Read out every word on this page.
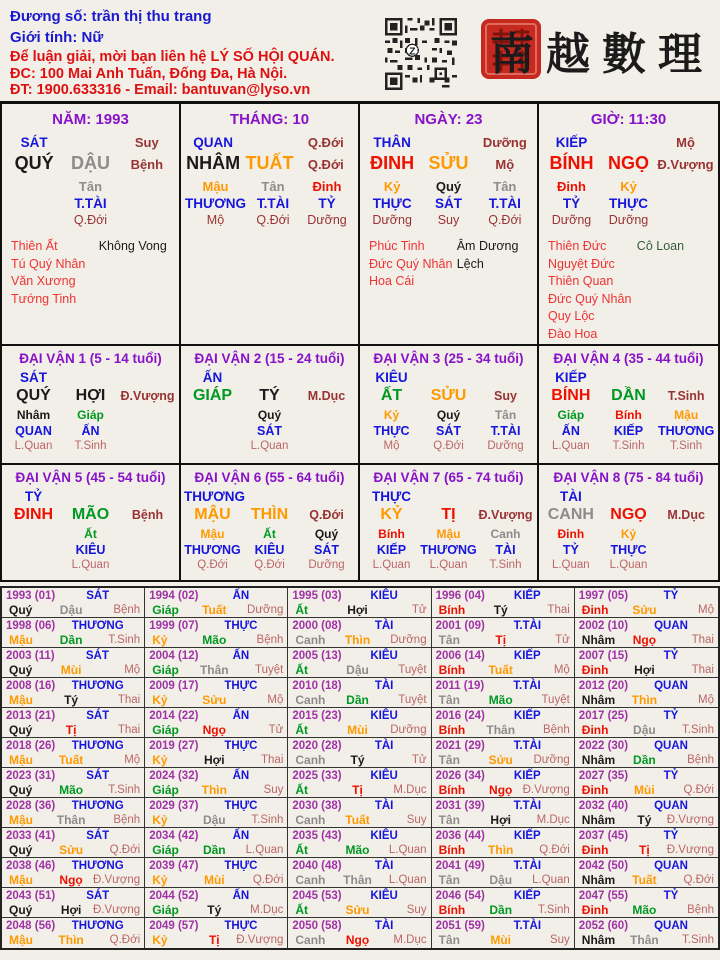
Đương số: trần thị thu trang
Giới tính: Nữ
Để luận giải, mời bạn liên hệ LÝ SỐ HỘI QUÁN.
ĐC: 100 Mai Anh Tuấn, Đống Đa, Hà Nội.
ĐT: 1900.633316 - Email: bantuvan@lyso.vn
Z 南越數理
NĂM: 1993
SÁT	Suy
QUÝ DẬU	Bệnh
Tân
T.TÀI
Q.Đới
Thiên Ất
Tú Quý Nhân
Văn Xương
Tướng Tinh
Không Vong
THÁNG: 10
QUAN	Q.Đới
NHÂM TUẤT	Q.Đới
Mậu
THƯƠNG
Mộ
Tân
T.TÀI
Q.Đới
Đinh
TỶ
Dưỡng
NGÀY: 23
THÂN	Dưỡng
ĐINH SỬU	Mộ
Kỷ
THỰC
Dưỡng
Quý
SÁT
Suy
Tân
T.TÀI
Q.Đới
Phúc Tinh
Đức Quý Nhân
Hoa Cái
Âm Dương Lệch
GIỜ: 11:30
KIẾP	Mộ
BÍNH NGỌ Đ.Vượng
Đinh
TỶ
Dưỡng
Kỷ
THỰC
Dưỡng
Thiên Đức
Nguyệt Đức
Thiên Quan
Đức Quý Nhân
Quy Lộc
Đào Hoa
Cô Loan
ĐẠI VẬN 1 (5 - 14 tuổi)
SÁT
QUÝ	HỢI	Đ.Vượng
Nhâm
QUAN
L.Quan
Giáp
ẤN
T.Sinh
ĐẠI VẬN 2 (15 - 24 tuổi)
ẤN
GIÁP	TÝ	M.Dục
Quý
SÁT
L.Quan
ĐẠI VẬN 3 (25 - 34 tuổi)
KIÊU
ẤT	SỬU	Suy
Kỷ
THỰC
Mộ
Quý
SÁT
Q.Đới
Tân
T.TÀI
Dưỡng
ĐẠI VẬN 4 (35 - 44 tuổi)
KIẾP
BÍNH	DẦN	T.Sinh
Giáp
ẤN
L.Quan
Bính
KIẾP
T.Sinh
Mậu
THƯƠNG
T.Sinh
ĐẠI VẬN 5 (45 - 54 tuổi)
TỶ
ĐINH	MÃO	Bệnh
Ất
KIÊU
L.Quan
ĐẠI VẬN 6 (55 - 64 tuổi)
THƯƠNG
MẬU	THÌN	Q.Đới
Mậu
THƯƠNG
Q.Đới
Ất
KIÊU
Q.Đới
Quý
SÁT
Dưỡng
ĐẠI VẬN 7 (65 - 74 tuổi)
THỰC
KỶ	TỊ	Đ.Vượng
Bính
KIẾP
L.Quan
Mậu
THƯƠNG
L.Quan
Canh
TÀI
T.Sinh
ĐẠI VẬN 8 (75 - 84 tuổi)
TÀI
CANH	NGỌ	M.Dục
Đinh
TỶ
L.Quan
Kỷ
THỰC
L.Quan
1993 (01)	SÁT
Quý	Dậu	Bệnh
1994 (02)	ẤN
Giáp	Tuất	Dưỡng
1995 (03)	KIÊU
Ất	Hợi	Tử
1996 (04)	KIẾP
Bính	Tý	Thai
1997 (05)	TỶ
Đinh	Sửu	Mộ
1998 (06)	THƯƠNG
Mậu	Dần	T.Sinh
1999 (07)	THỰC
Kỷ	Mão	Bệnh
2000 (08)	TÀI
Canh	Thìn	Dưỡng
2001 (09)	T.TÀI
Tân	Tị	Tử
2002 (10)	QUAN
Nhâm	Ngọ	Thai
2003 (11)	SÁT
Quý	Mùi	Mộ
2004 (12)	ẤN
Giáp	Thân	Tuyệt
2005 (13)	KIÊU
Ất	Dậu	Tuyệt
2006 (14)	KIẾP
Bính	Tuất	Mộ
2007 (15)	TỶ
Đinh	Hợi	Thai
2008 (16)	THƯƠNG
Mậu	Tý	Thai
2009 (17)	THỰC
Kỷ	Sửu	Mộ
2010 (18)	TÀI
Canh	Dần	Tuyệt
2011 (19)	T.TÀI
Tân	Mão	Tuyệt
2012 (20)	QUAN
Nhâm	Thìn	Mộ
2013 (21)	SÁT
Quý	Tị	Thai
2014 (22)	ẤN
Giáp	Ngọ	Tử
2015 (23)	KIÊU
Ất	Mùi	Dưỡng
2016 (24)	KIẾP
Bính	Thân	Bệnh
2017 (25)	TỶ
Đinh	Dậu	T.Sinh
2018 (26)	THƯƠNG
Mậu	Tuất	Mộ
2019 (27)	THỰC
Kỷ	Hợi	Thai
2020 (28)	TÀI
Canh	Tý	Tử
2021 (29)	T.TÀI
Tân	Sửu	Dưỡng
2022 (30)	QUAN
Nhâm	Dần	Bệnh
2023 (31)	SÁT
Quý	Mão	T.Sinh
2024 (32)	ẤN
Giáp	Thìn	Suy
2025 (33)	KIÊU
Ất	Tị	M.Dục
2026 (34)	KIẾP
Bính	Ngọ Đ.Vượng
2027 (35)	TỶ
Đinh	Mùi	Q.Đới
2028 (36)	THƯƠNG
Mậu	Thân	Bệnh
2029 (37)	THỰC
Kỷ	Dậu	T.Sinh
2030 (38)	TÀI
Canh	Tuất	Suy
2031 (39)	T.TÀI
Tân	Hợi	M.Dục
2032 (40)	QUAN
Nhâm	Tý	Đ.Vượng
2033 (41)	SÁT
Quý	Sửu	Q.Đới
2034 (42)	ẤN
Giáp	Dần	L.Quan
2035 (43)	KIÊU
Ất	Mão	L.Quan
2036 (44)	KIẾP
Bính	Thìn	Q.Đới
2037 (45)	TỶ
Đinh	Tị	Đ.Vượng
2038 (46)	THƯƠNG
Mậu	Ngọ Đ.Vượng
2039 (47)	THỰC
Kỷ	Mùi	Q.Đới
2040 (48)	TÀI
Canh	Thân	L.Quan
2041 (49)	T.TÀI
Tân	Dậu	L.Quan
2042 (50)	QUAN
Nhâm	Tuất	Q.Đới
2043 (51)	SÁT
Quý	Hợi	Đ.Vượng
2044 (52)	ẤN
Giáp	Tý	M.Dục
2045 (53)	KIÊU
Ất	Sửu	Suy
2046 (54)	KIẾP
Bính	Dần	T.Sinh
2047 (55)	TỶ
Đinh	Mão	Bệnh
2048 (56)	THƯƠNG
Mậu	Thìn	Q.Đới
2049 (57)	THỰC
Kỷ	Tị	Đ.Vượng
2050 (58)	TÀI
Canh	Ngọ	M.Dục
2051 (59)	T.TÀI
Tân	Mùi	Suy
2052 (60)	QUAN
Nhâm	Thân	T.Sinh
